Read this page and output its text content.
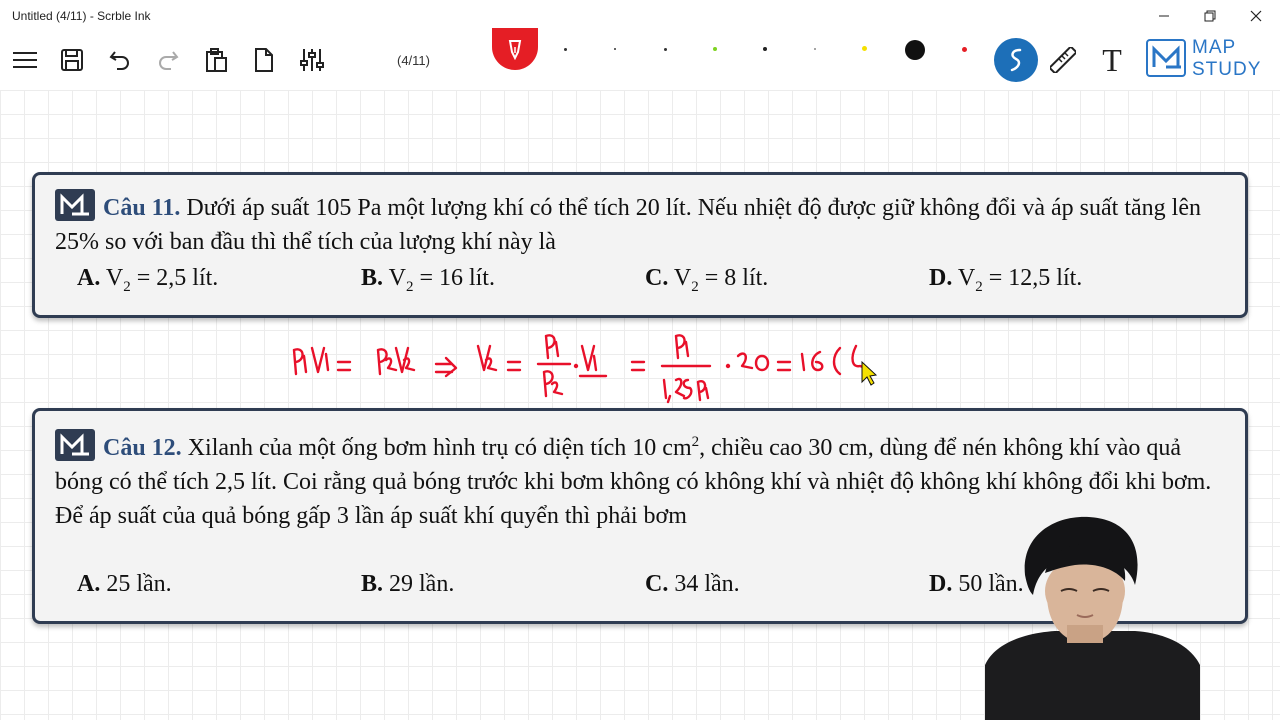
Untitled (4/11) - Scrble Ink
(4/11)	T	MAP
STUDY
Câu 11. Dưới áp suất 105 Pa một lượng khí có thể tích 20 lít. Nếu nhiệt độ được giữ không đổi và áp suất tăng lên 25% so với ban đầu thì thể tích của lượng khí này là
A. $V_2 = 2,5$ lít.	B. $V_2 = 16$ lít.	C. $V_2 = 8$ lít.	D. $V_2 = 12,5$ lít.
Câu 12. Xilanh của một ống bơm hình trụ có diện tích 10 $cm^2$, chiều cao 30 cm, dùng để nén không khí vào quả bóng có thể tích 2,5 lít. Coi rằng quả bóng trước khi bơm không có không khí và nhiệt độ không khí không đổi khi bơm. Để áp suất của quả bóng gấp 3 lần áp suất khí quyển thì phải bơm
A. 25 lần.	B. 29 lần.	C. 34 lần.	D. 50 lần.
